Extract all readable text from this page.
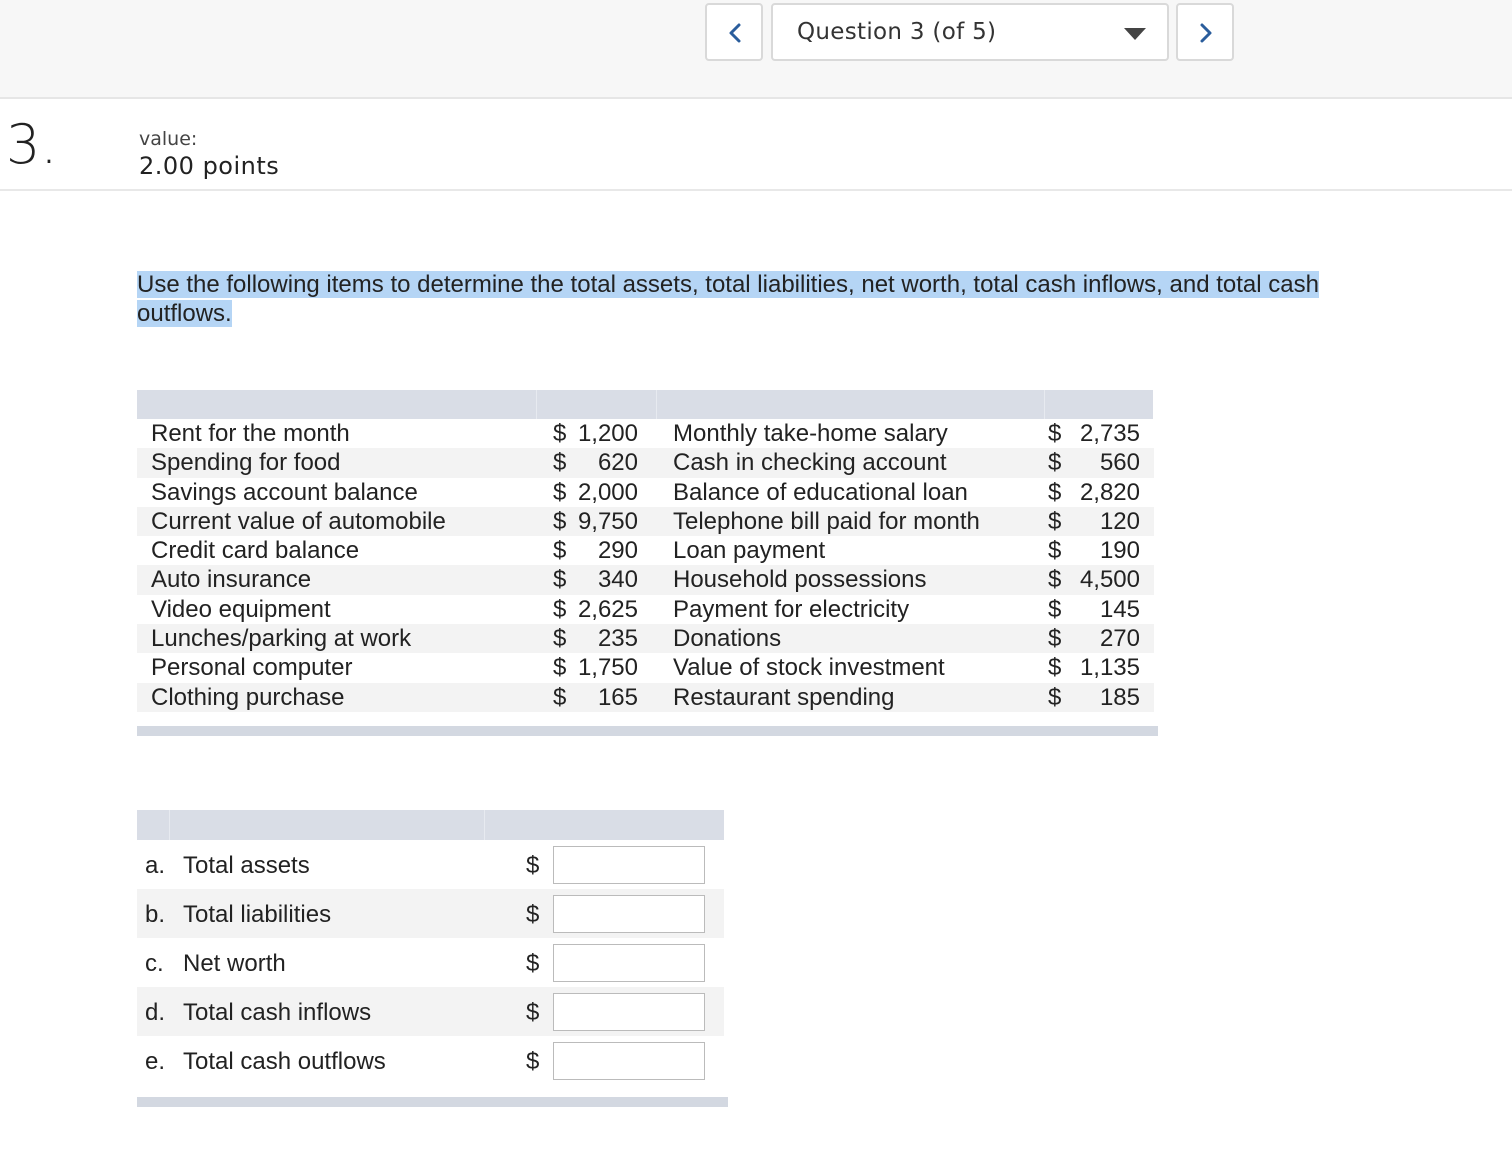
Question 3 (of 5)
3.	value:
2.00 points
Use the following items to determine the total assets, total liabilities, net worth, total cash inflows, and total cash outflows.
Rent for the month	$ 1,200 Monthly take-home salary	$ 2,735
Spending for food	$ 620 Cash in checking account	$ 560
Savings account balance	$ 2,000 Balance of educational loan	$ 2,820
Current value of automobile	$ 9,750 Telephone bill paid for month	$ 120
Credit card balance	$ 290 Loan payment	$ 190
Auto insurance	$ 340 Household possessions	$ 4,500
Video equipment	$ 2,625 Payment for electricity	$ 145
Lunches/parking at work	$ 235 Donations	$ 270
Personal computer	$ 1,750 Value of stock investment	$ 1,135
Clothing purchase	$ 165 Restaurant spending	$ 185
a. Total assets	$
b. Total liabilities	$
c. Net worth	$
d. Total cash inflows	$
e. Total cash outflows	$
